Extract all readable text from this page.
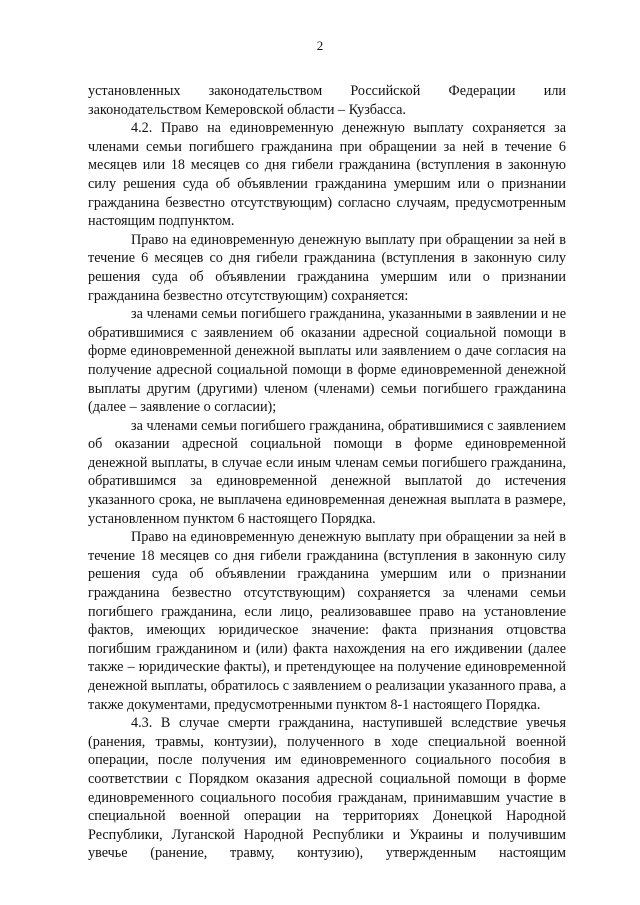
2

установленных законодательством Российской Федерации или законодательством Кемеровской области – Кузбасса.

4.2. Право на единовременную денежную выплату сохраняется за членами семьи погибшего гражданина при обращении за ней в течение 6 месяцев или 18 месяцев со дня гибели гражданина (вступления в законную силу решения суда об объявлении гражданина умершим или о признании гражданина безвестно отсутствующим) согласно случаям, предусмотренным настоящим подпунктом.

Право на единовременную денежную выплату при обращении за ней в течение 6 месяцев со дня гибели гражданина (вступления в законную силу решения суда об объявлении гражданина умершим или о признании гражданина безвестно отсутствующим) сохраняется:

за членами семьи погибшего гражданина, указанными в заявлении и не обратившимися с заявлением об оказании адресной социальной помощи в форме единовременной денежной выплаты или заявлением о даче согласия на получение адресной социальной помощи в форме единовременной денежной выплаты другим (другими) членом (членами) семьи погибшего гражданина (далее – заявление о согласии);

за членами семьи погибшего гражданина, обратившимися с заявлением об оказании адресной социальной помощи в форме единовременной денежной выплаты, в случае если иным членам семьи погибшего гражданина, обратившимся за единовременной денежной выплатой до истечения указанного срока, не выплачена единовременная денежная выплата в размере, установленном пунктом 6 настоящего Порядка.

Право на единовременную денежную выплату при обращении за ней в течение 18 месяцев со дня гибели гражданина (вступления в законную силу решения суда об объявлении гражданина умершим или о признании гражданина безвестно отсутствующим) сохраняется за членами семьи погибшего гражданина, если лицо, реализовавшее право на установление фактов, имеющих юридическое значение: факта признания отцовства погибшим гражданином и (или) факта нахождения на его иждивении (далее также – юридические факты), и претендующее на получение единовременной денежной выплаты, обратилось с заявлением о реализации указанного права, а также документами, предусмотренными пунктом 8-1 настоящего Порядка.

4.3. В случае смерти гражданина, наступившей вследствие увечья (ранения, травмы, контузии), полученного в ходе специальной военной операции, после получения им единовременного социального пособия в соответствии с Порядком оказания адресной социальной помощи в форме единовременного социального пособия гражданам, принимавшим участие в специальной военной операции на территориях Донецкой Народной Республики, Луганской Народной Республики и Украины и получившим увечье (ранение, травму, контузию), утвержденным настоящим
